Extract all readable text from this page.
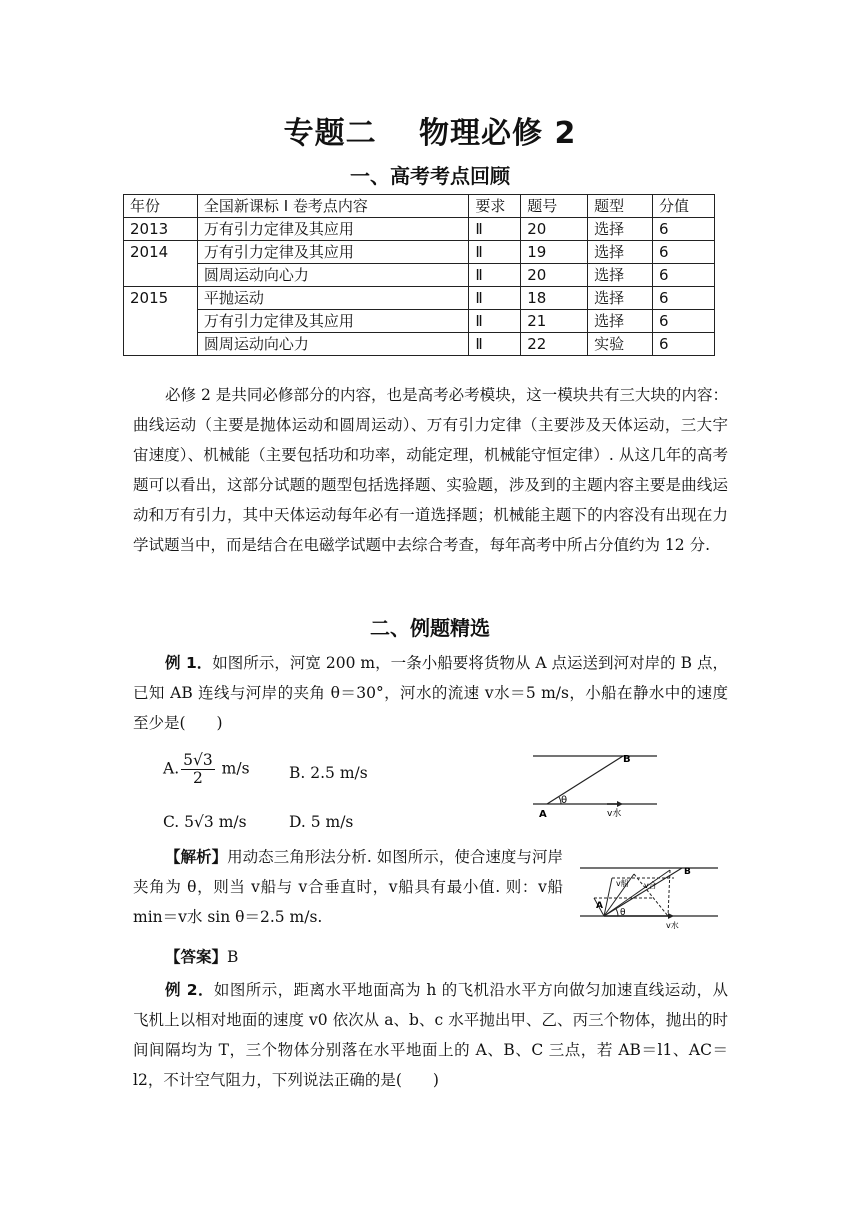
专题二　 物理必修 2
一、高考考点回顾
年份	全国新课标 I 卷考点内容	要求	题号	题型	分值
2013	万有引力定律及其应用	Ⅱ	20	选择	6
2014	万有引力定律及其应用	Ⅱ	19	选择	6
	圆周运动向心力	Ⅱ	20	选择	6
2015	平抛运动	Ⅱ	18	选择	6
	万有引力定律及其应用	Ⅱ	21	选择	6
	圆周运动向心力	Ⅱ	22	实验	6

必修 2 是共同必修部分的内容，也是高考必考模块，这一模块共有三大块的内容：曲线运动（主要是抛体运动和圆周运动）、万有引力定律（主要涉及天体运动，三大宇宙速度）、机械能（主要包括功和功率，动能定理，机械能守恒定律）. 从这几年的高考题可以看出，这部分试题的题型包括选择题、实验题，涉及到的主题内容主要是曲线运动和万有引力，其中天体运动每年必有一道选择题；机械能主题下的内容没有出现在力学试题当中，而是结合在电磁学试题中去综合考查，每年高考中所占分值约为 12 分.

二、例题精选

例 1．如图所示，河宽 200 m，一条小船要将货物从 A 点运送到河对岸的 B 点，已知 AB 连线与河岸的夹角 θ＝30°，河水的流速 v水＝5 m/s，小船在静水中的速度至少是(　　)

A. $\frac{5√3}{2} m/s$	B. 2.5 m/s
C. 5√3 m/s	D. 5 m/s
B
A
θ
v水

【解析】用动态三角形法分析. 如图所示，使合速度与河岸夹角为 θ，则当 v船与 v合垂直时，v船具有最小值. 则：v船min＝v水 sin θ＝2.5 m/s.

B
A
θ
v合
v船
v水

【答案】B

例 2．如图所示，距离水平地面高为 h 的飞机沿水平方向做匀加速直线运动，从飞机上以相对地面的速度 v0 依次从 a、b、c 水平抛出甲、乙、丙三个物体，抛出的时间间隔均为 T，三个物体分别落在水平地面上的 A、B、C 三点，若 AB＝l1、AC＝l2，不计空气阻力，下列说法正确的是(　　)
